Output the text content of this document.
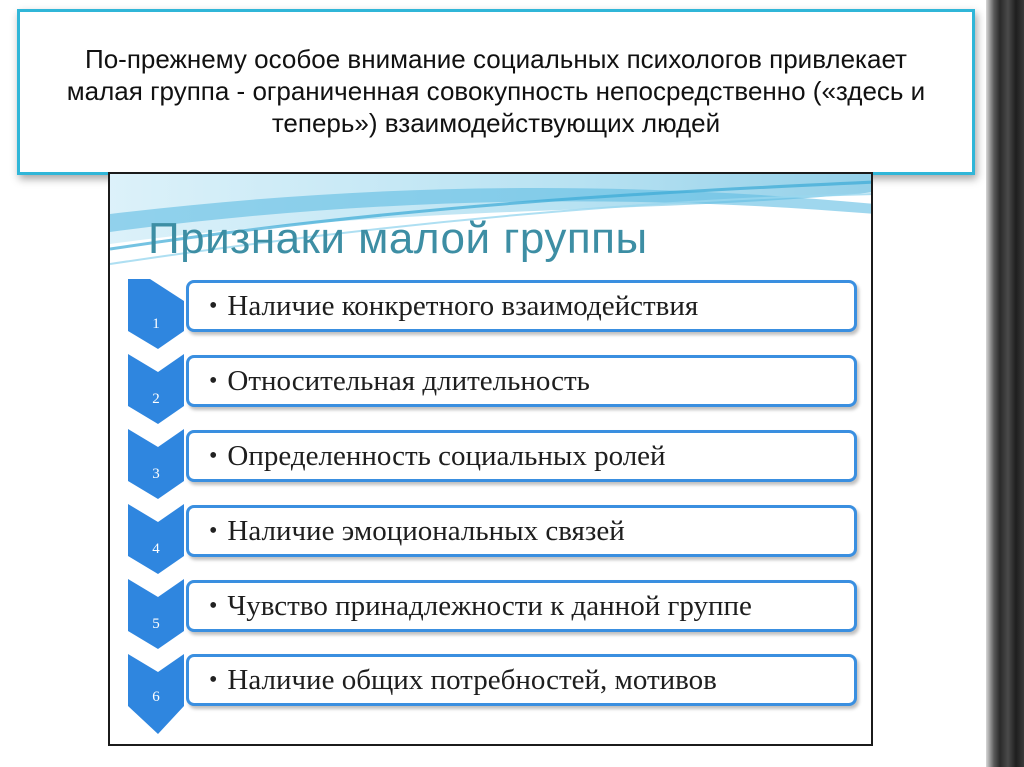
По-прежнему особое внимание социальных психологов привлекает малая группа - ограниченная совокупность непосредственно («здесь и теперь») взаимодействующих людей
Признаки малой группы
1
2
3
4
5
6
• Наличие конкретного взаимодействия
• Относительная длительность
• Определенность социальных ролей
• Наличие эмоциональных связей
• Чувство принадлежности к данной группе
• Наличие общих потребностей, мотивов
